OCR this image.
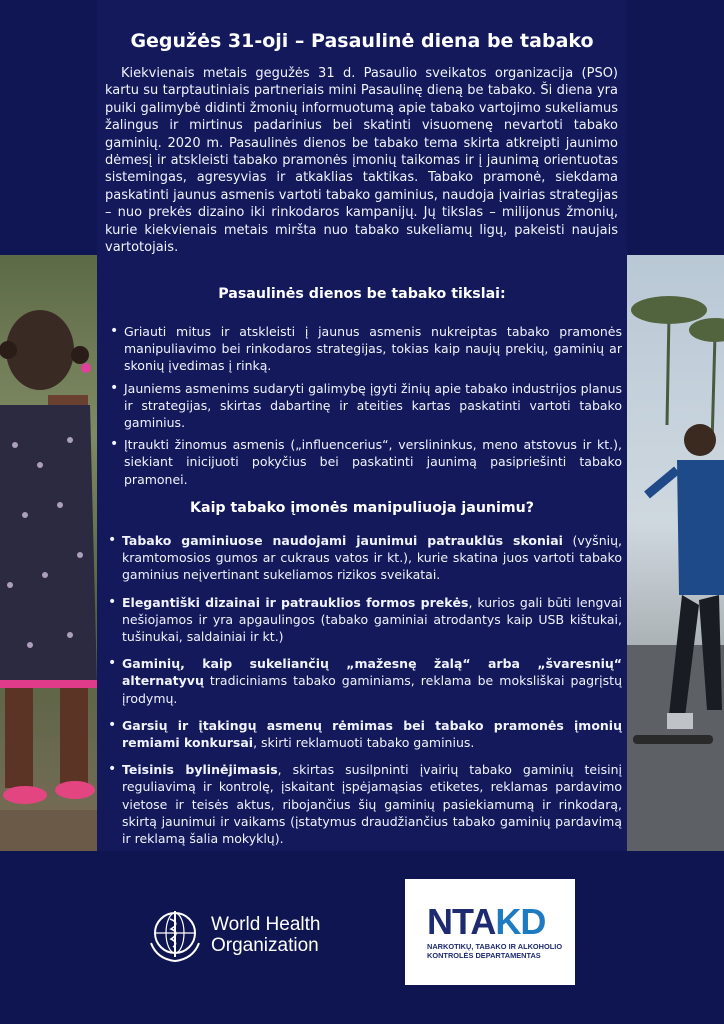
Gegužės 31-oji – Pasaulinė diena be tabako

Kiekvienais metais gegužės 31 d. Pasaulio sveikatos organizacija (PSO) kartu su tarptautiniais partneriais mini Pasaulinę dieną be tabako. Ši diena yra puiki galimybė didinti žmonių informuotumą apie tabako vartojimo sukeliamus žalingus ir mirtinus padarinius bei skatinti visuomenę nevartoti tabako gaminių. 2020 m. Pasaulinės dienos be tabako tema skirta atkreipti jaunimo dėmesį ir atskleisti tabako pramonės įmonių taikomas ir į jaunimą orientuotas sistemingas, agresyvias ir atkaklias taktikas. Tabako pramonė, siekdama paskatinti jaunus asmenis vartoti tabako gaminius, naudoja įvairias strategijas – nuo prekės dizaino iki rinkodaros kampanijų. Jų tikslas – milijonus žmonių, kurie kiekvienais metais miršta nuo tabako sukeliamų ligų, pakeisti naujais vartotojais.

Pasaulinės dienos be tabako tikslai:
• Griauti mitus ir atskleisti į jaunus asmenis nukreiptas tabako pramonės manipuliavimo bei rinkodaros strategijas, tokias kaip naujų prekių, gaminių ar skonių įvedimas į rinką.
• Jauniems asmenims sudaryti galimybę įgyti žinių apie tabako industrijos planus ir strategijas, skirtas dabartinę ir ateities kartas paskatinti vartoti tabako gaminius.
• Įtraukti žinomus asmenis („influencerius“, verslininkus, meno atstovus ir kt.), siekiant inicijuoti pokyčius bei paskatinti jaunimą pasipriešinti tabako pramonei.
Kaip tabako įmonės manipuliuoja jaunimu?
• Tabako gaminiuose naudojami jaunimui patrauklūs skoniai (vyšnių, kramtomosios gumos ar cukraus vatos ir kt.), kurie skatina juos vartoti tabako gaminius neįvertinant sukeliamos rizikos sveikatai.
• Elegantiški dizainai ir patrauklios formos prekės, kurios gali būti lengvai nešiojamos ir yra apgaulingos (tabako gaminiai atrodantys kaip USB kištukai, tušinukai, saldainiai ir kt.)
• Gaminių, kaip sukeliančių „mažesnę žalą“ arba „švaresnių“ alternatyvų tradiciniams tabako gaminiams, reklama be moksliškai pagrįstų įrodymų.
• Garsių ir įtakingų asmenų rėmimas bei tabako pramonės įmonių remiami konkursai, skirti reklamuoti tabako gaminius.
• Teisinis bylinėjimasis, skirtas susilpninti įvairių tabako gaminių teisinį reguliavimą ir kontrolę, įskaitant įspėjamąsias etiketes, reklamas pardavimo vietose ir teisės aktus, ribojančius šių gaminių pasiekiamumą ir rinkodarą, skirtą jaunimui ir vaikams (įstatymus draudžiančius tabako gaminių pardavimą ir reklamą šalia mokyklų).
World Health
Organization
NTAKD
NARKOTIKŲ, TABAKO IR ALKOHOLIO KONTROLĖS DEPARTAMENTAS
